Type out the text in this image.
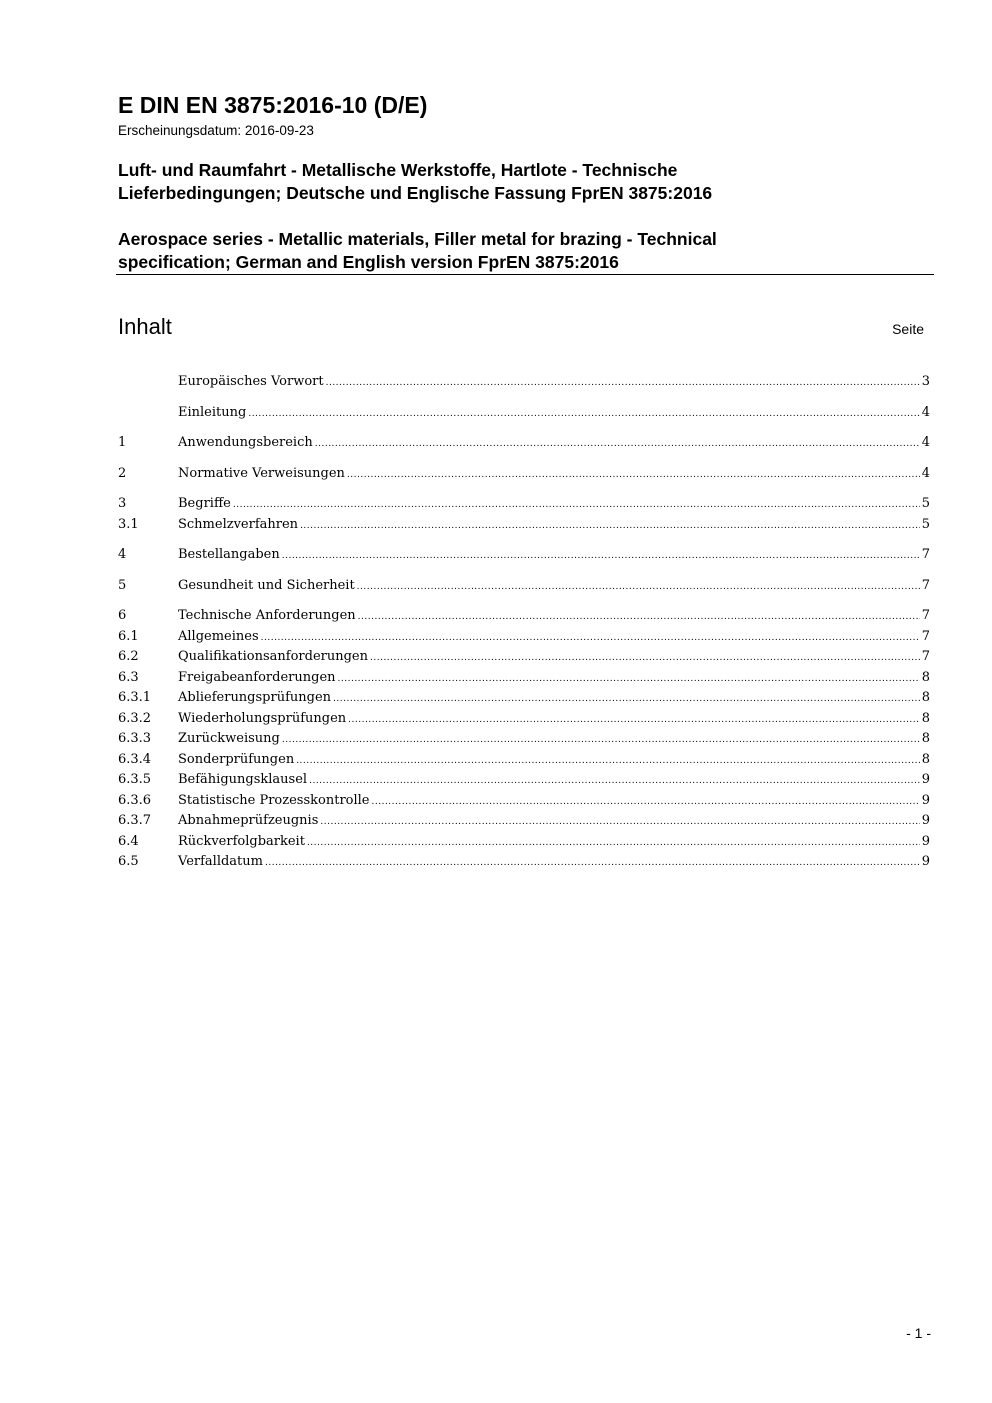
E DIN EN 3875:2016-10 (D/E)
Erscheinungsdatum: 2016-09-23
Luft- und Raumfahrt - Metallische Werkstoffe, Hartlote - Technische
Lieferbedingungen; Deutsche und Englische Fassung FprEN 3875:2016
Aerospace series - Metallic materials, Filler metal for brazing - Technical
specification; German and English version FprEN 3875:2016
Inhalt	Seite
Europäisches Vorwort .....	3
Einleitung .....	4
1	Anwendungsbereich .....	4
2	Normative Verweisungen .....	4
3	Begriffe .....	5
3.1	Schmelzverfahren .....	5
4	Bestellangaben .....	7
5	Gesundheit und Sicherheit .....	7
6	Technische Anforderungen .....	7
6.1	Allgemeines .....	7
6.2	Qualifikationsanforderungen .....	7
6.3	Freigabeanforderungen .....	8
6.3.1	Ablieferungsprüfungen .....	8
6.3.2	Wiederholungsprüfungen .....	8
6.3.3	Zurückweisung .....	8
6.3.4	Sonderprüfungen .....	8
6.3.5	Befähigungsklausel .....	9
6.3.6	Statistische Prozesskontrolle .....	9
6.3.7	Abnahmeprüfzeugnis .....	9
6.4	Rückverfolgbarkeit .....	9
6.5	Verfalldatum .....	9
- 1 -
